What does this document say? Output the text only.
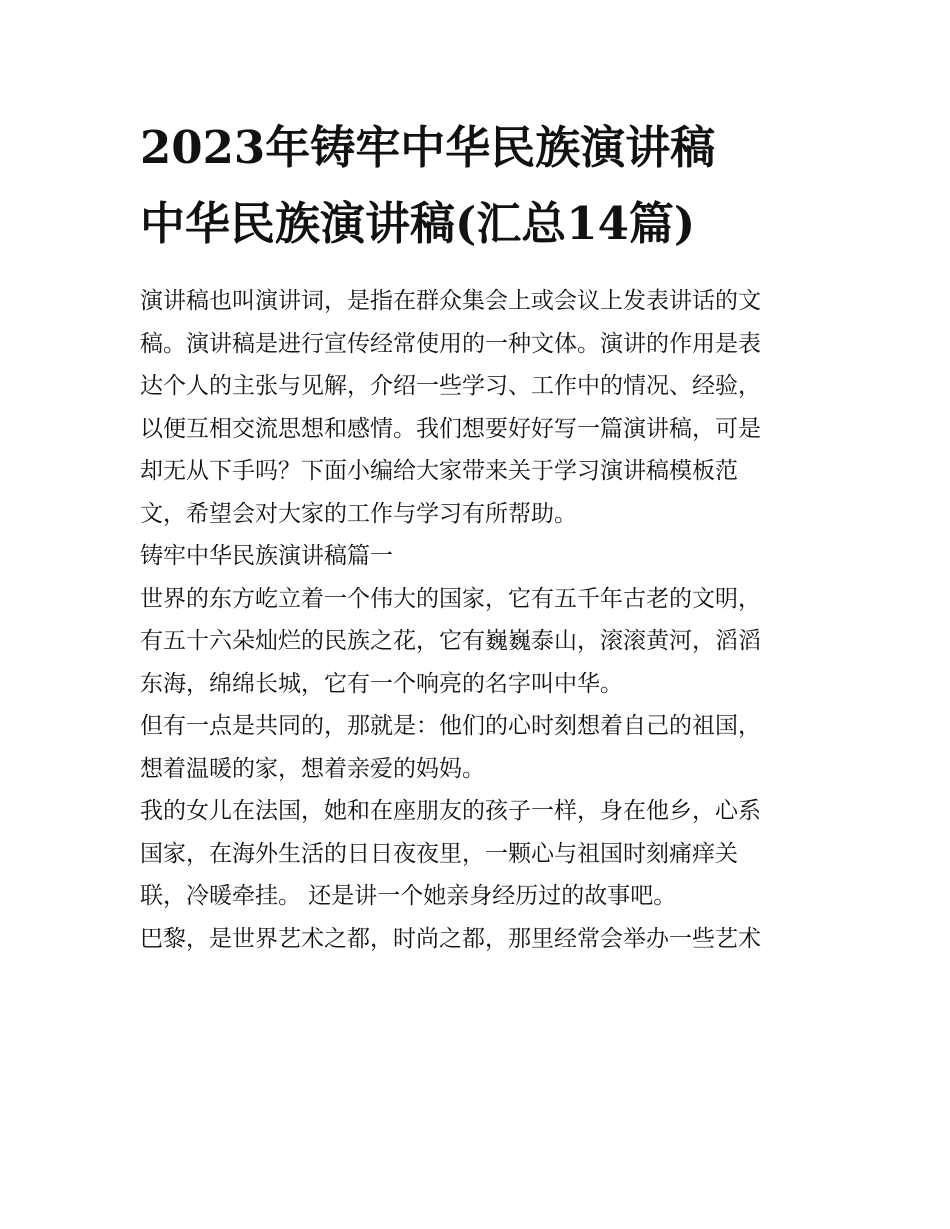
2023年铸牢中华民族演讲稿
中华民族演讲稿(汇总14篇)

演讲稿也叫演讲词，是指在群众集会上或会议上发表讲话的文

稿。演讲稿是进行宣传经常使用的一种文体。演讲的作用是表

达个人的主张与见解，介绍一些学习、工作中的情况、经验，

以便互相交流思想和感情。我们想要好好写一篇演讲稿，可是

却无从下手吗？下面小编给大家带来关于学习演讲稿模板范

文，希望会对大家的工作与学习有所帮助。

铸牢中华民族演讲稿篇一

世界的东方屹立着一个伟大的国家，它有五千年古老的文明，

有五十六朵灿烂的民族之花，它有巍巍泰山，滚滚黄河，滔滔

东海，绵绵长城，它有一个响亮的名字叫中华。

但有一点是共同的，那就是：他们的心时刻想着自己的祖国，

想着温暖的家，想着亲爱的妈妈。

我的女儿在法国，她和在座朋友的孩子一样，身在他乡，心系

国家，在海外生活的日日夜夜里，一颗心与祖国时刻痛痒关

联，冷暖牵挂。 还是讲一个她亲身经历过的故事吧。

巴黎，是世界艺术之都，时尚之都，那里经常会举办一些艺术
